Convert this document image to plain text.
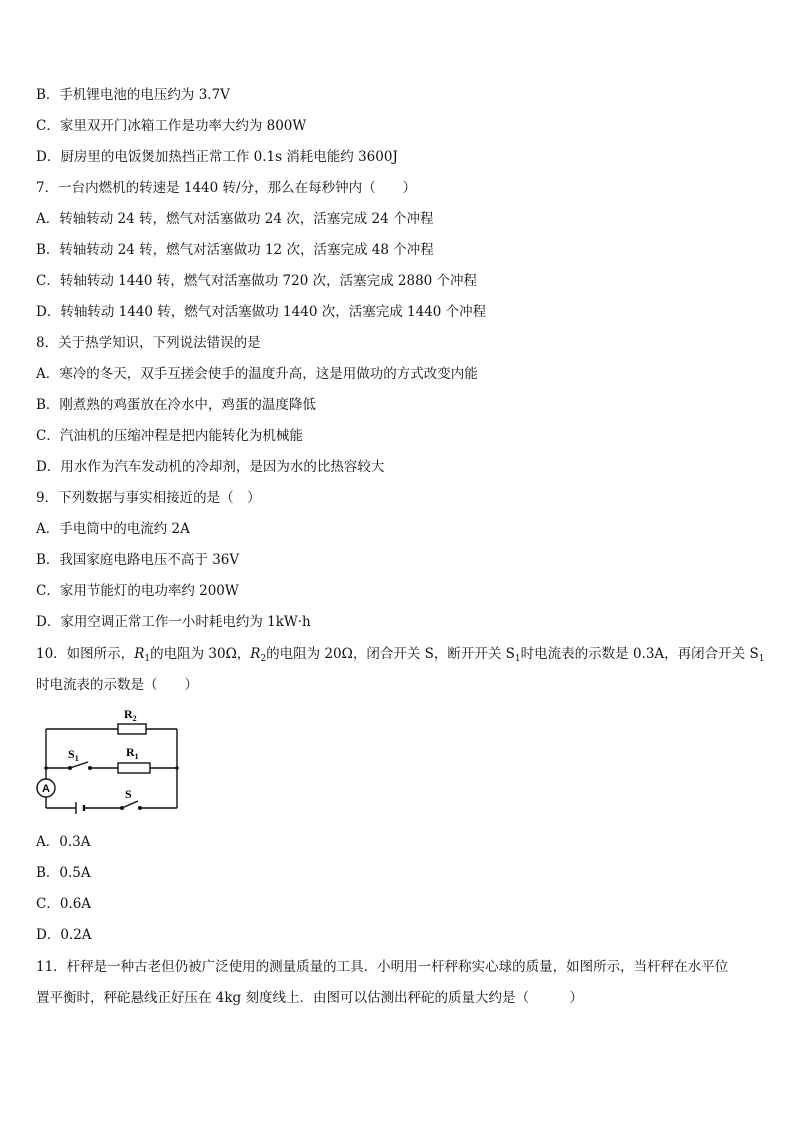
B．手机锂电池的电压约为 3.7V
C．家里双开门冰箱工作是功率大约为 800W
D．厨房里的电饭煲加热挡正常工作 0.1s 消耗电能约 3600J
7．一台内燃机的转速是 1440 转/分，那么在每秒钟内（　　）
A．转轴转动 24 转，燃气对活塞做功 24 次，活塞完成 24 个冲程
B．转轴转动 24 转，燃气对活塞做功 12 次，活塞完成 48 个冲程
C．转轴转动 1440 转，燃气对活塞做功 720 次，活塞完成 2880 个冲程
D．转轴转动 1440 转，燃气对活塞做功 1440 次，活塞完成 1440 个冲程
8．关于热学知识，下列说法错误的是
A．寒冷的冬天，双手互搓会使手的温度升高，这是用做功的方式改变内能
B．刚煮熟的鸡蛋放在冷水中，鸡蛋的温度降低
C．汽油机的压缩冲程是把内能转化为机械能
D．用水作为汽车发动机的冷却剂，是因为水的比热容较大
9．下列数据与事实相接近的是（　）
A．手电筒中的电流约 2A
B．我国家庭电路电压不高于 36V
C．家用节能灯的电功率约 200W
D．家用空调正常工作一小时耗电约为 1kW·h
10．如图所示，$R_1$的电阻为 30Ω，$R_2$的电阻为 20Ω，闭合开关 S，断开开关 $S_1$时电流表的示数是 0.3A，再闭合开关 $S_1$
时电流表的示数是（　　）
A
$R_2$
$R_1$
$S_1$
S
A．0.3A
B．0.5A
C．0.6A
D．0.2A
11．杆秤是一种古老但仍被广泛使用的测量质量的工具．小明用一杆秤称实心球的质量，如图所示，当杆秤在水平位
置平衡时，秤砣悬线正好压在 4kg 刻度线上．由图可以估测出秤砣的质量大约是（　　　）
